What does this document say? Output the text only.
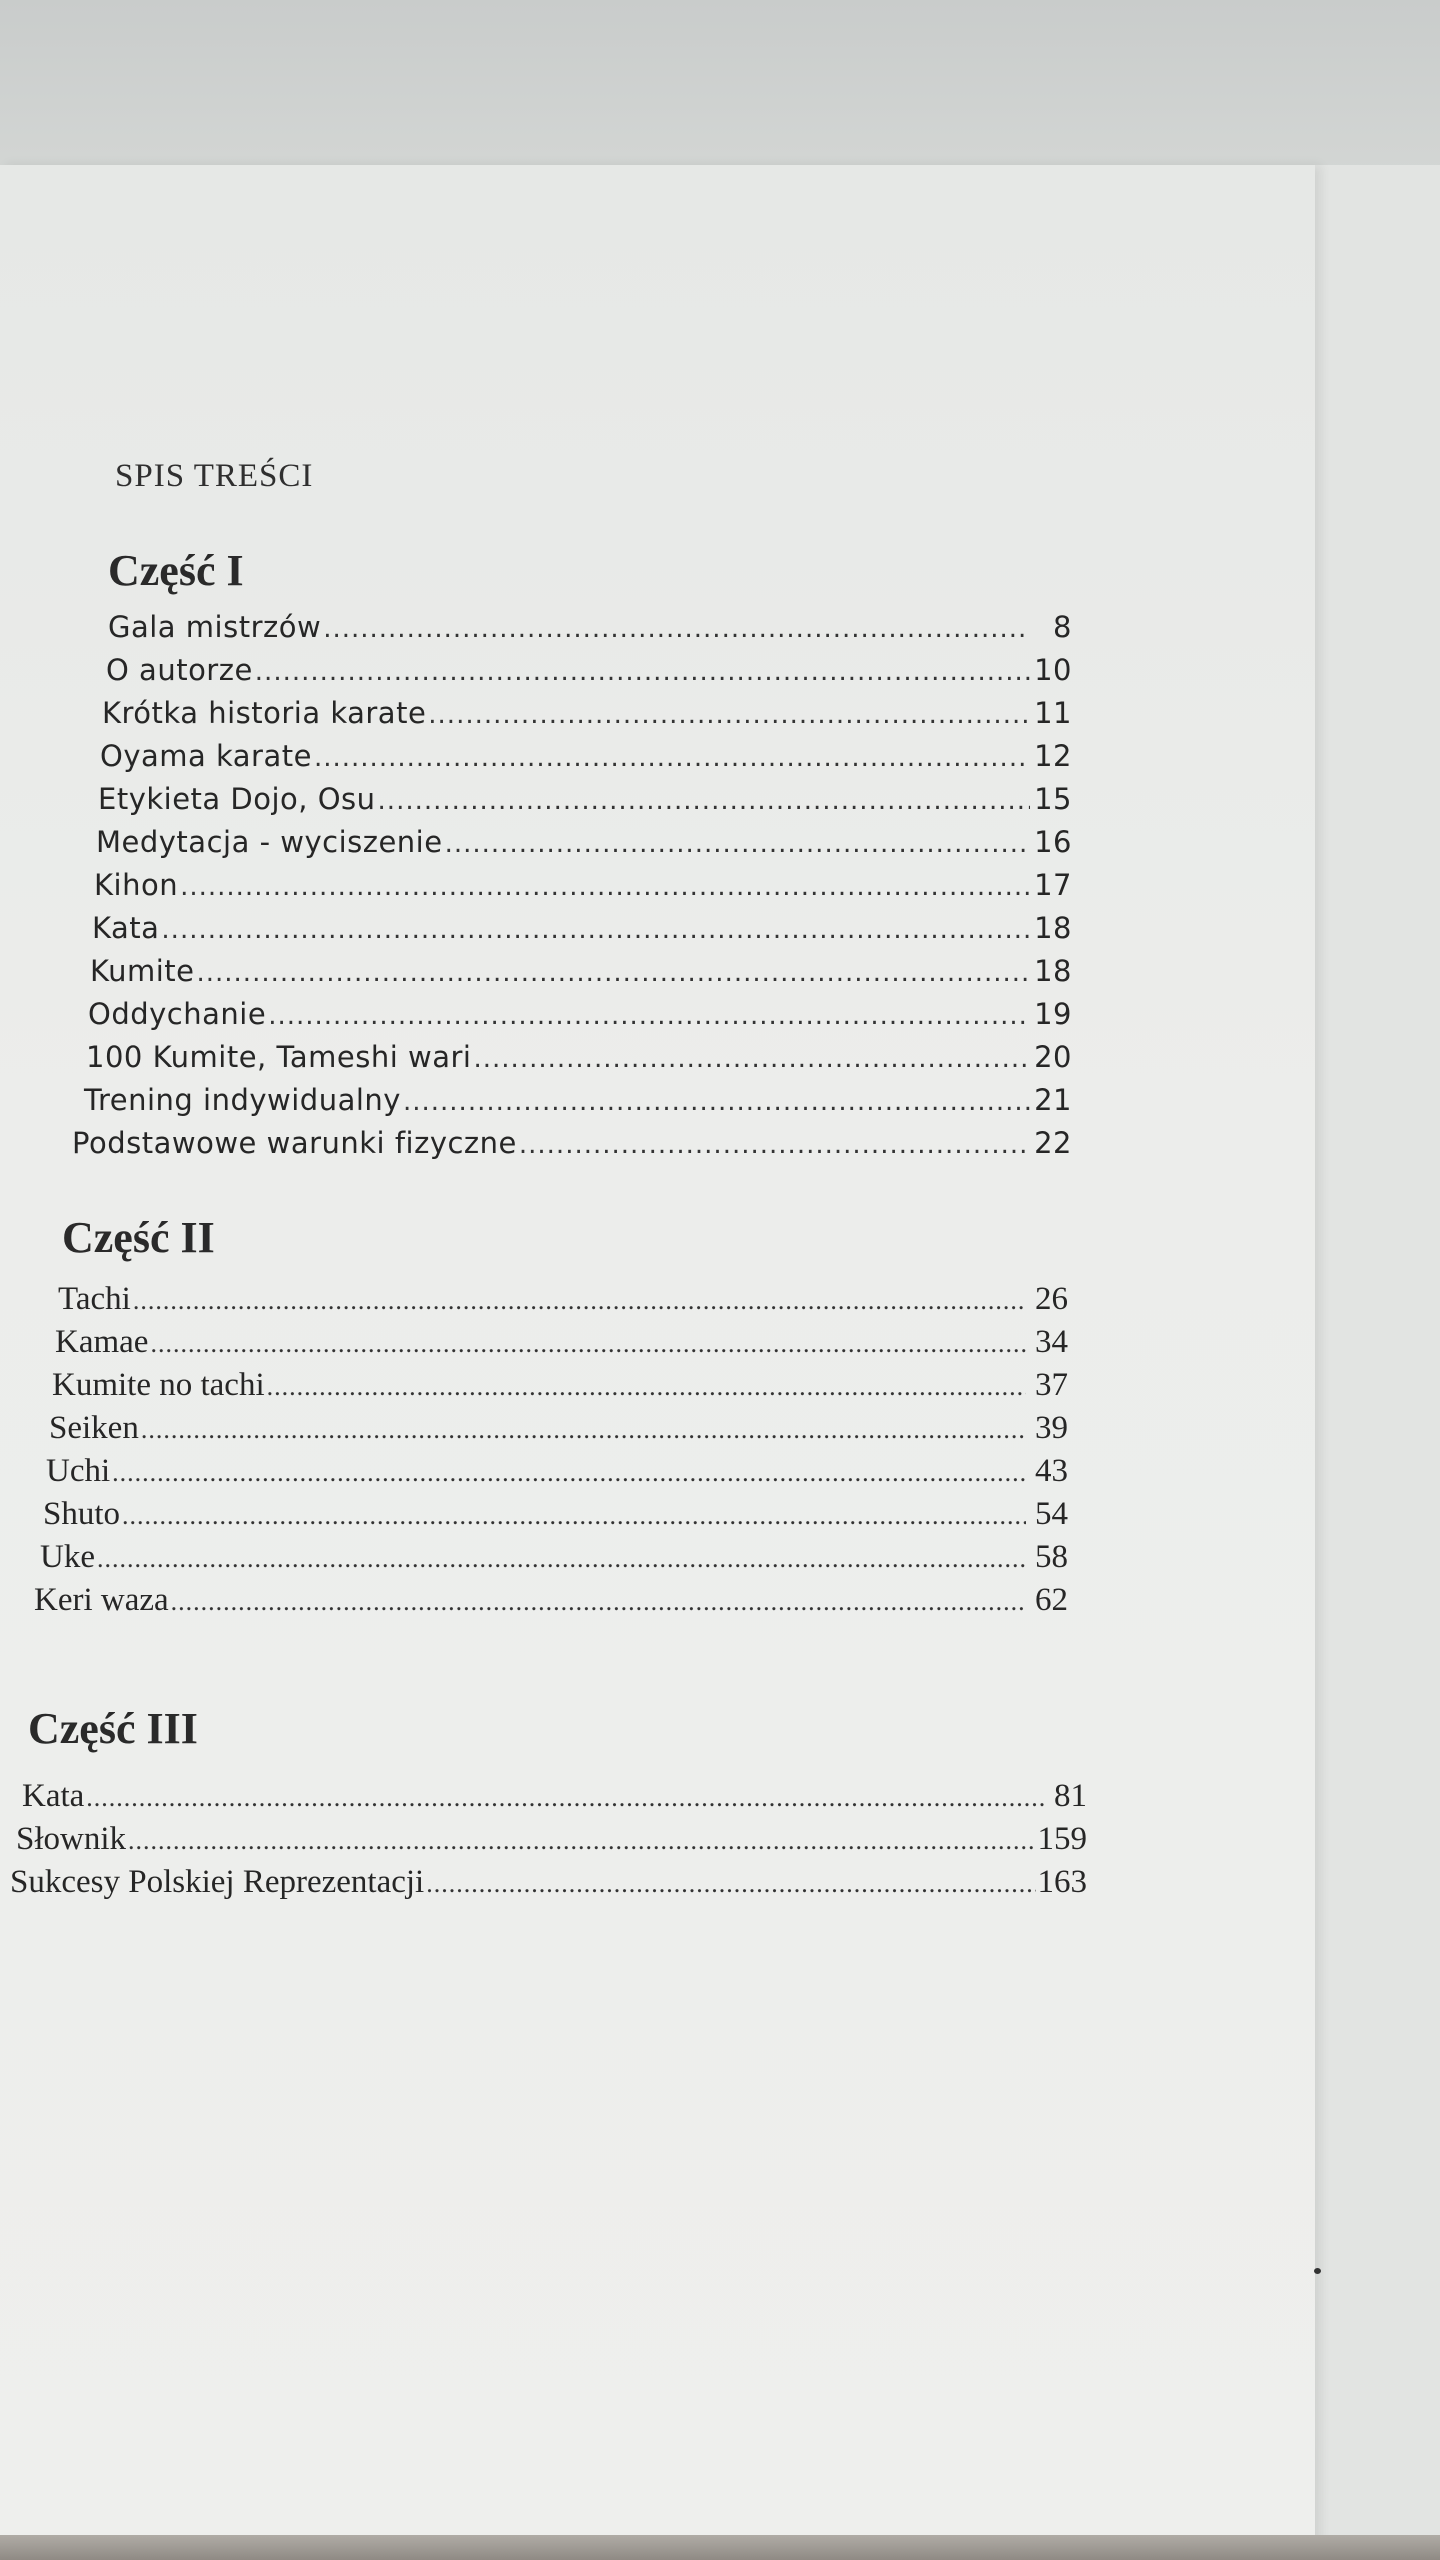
SPIS TREŚCI
Część I
Gala mistrzów .....	8
O autorze .....	10
Krótka historia karate .....	11
Oyama karate .....	12
Etykieta Dojo, Osu .....	15
Medytacja - wyciszenie .....	16
Kihon .....	17
Kata .....	18
Kumite .....	18
Oddychanie .....	19
100 Kumite, Tameshi wari .....	20
Trening indywidualny .....	21
Podstawowe warunki fizyczne .....	22
Część II
Tachi .....	26
Kamae .....	34
Kumite no tachi .....	37
Seiken .....	39
Uchi .....	43
Shuto .....	54
Uke .....	58
Keri waza .....	62
Część III
Kata .....	81
Słownik .....	159
Sukcesy Polskiej Reprezentacji .....	163
